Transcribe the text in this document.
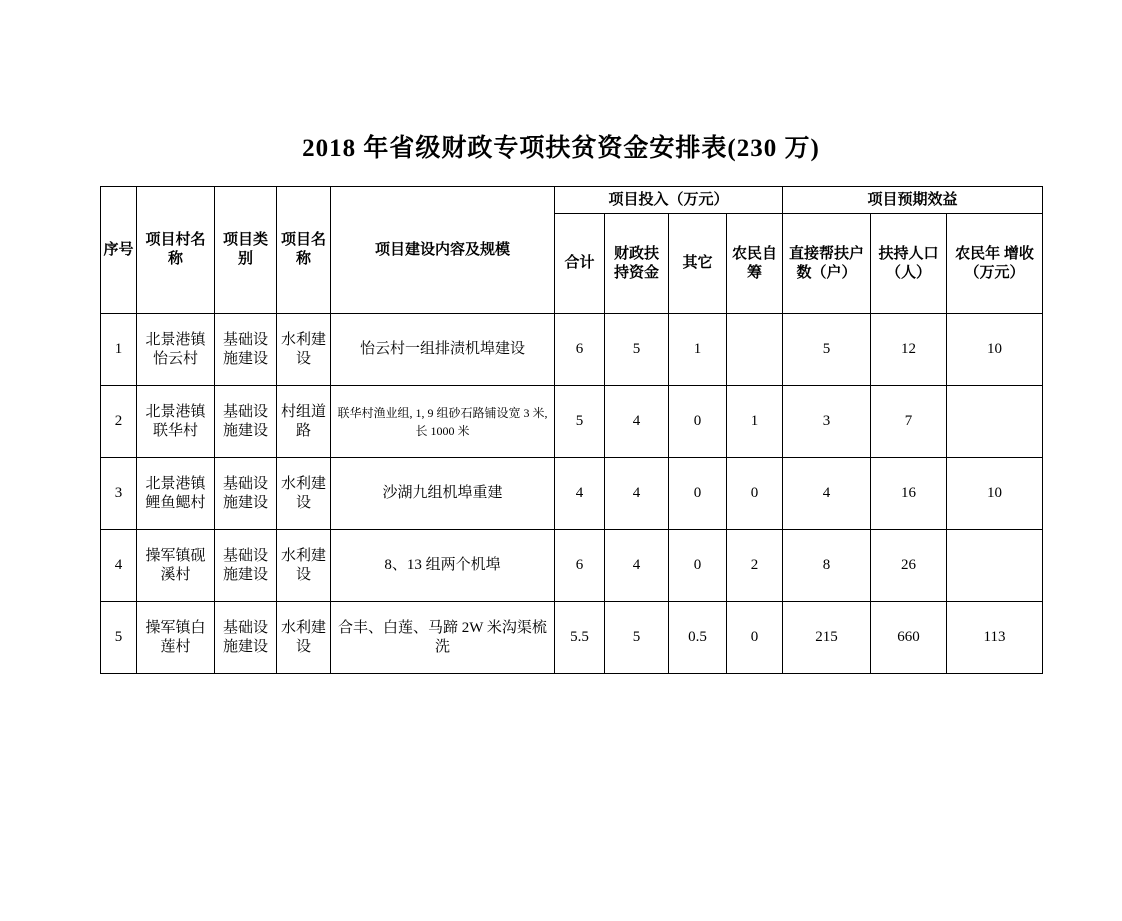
2018 年省级财政专项扶贫资金安排表(230 万)
序号	项目村名称	项目类别	项目名称	项目建设内容及规模	项目投入（万元）				项目预期效益		
					合计	财政扶持资金	其它	农民自筹	直接帮扶户数（户）	扶持人口（人）	农民年 增收（万元）
1	北景港镇怡云村	基础设施建设	水利建设	怡云村一组排渍机埠建设	6	5	1		5	12	10
2	北景港镇联华村	基础设施建设	村组道路	联华村渔业组, 1, 9 组砂石路铺设宽 3 米, 长 1000 米	5	4	0	1	3	7	
3	北景港镇鲤鱼鳃村	基础设施建设	水利建设	沙湖九组机埠重建	4	4	0	0	4	16	10
4	操军镇砚溪村	基础设施建设	水利建设	8、13 组两个机埠	6	4	0	2	8	26	
5	操军镇白莲村	基础设施建设	水利建设	合丰、白莲、马蹄 2W 米沟渠梳洗	5.5	5	0.5	0	215	660	113
